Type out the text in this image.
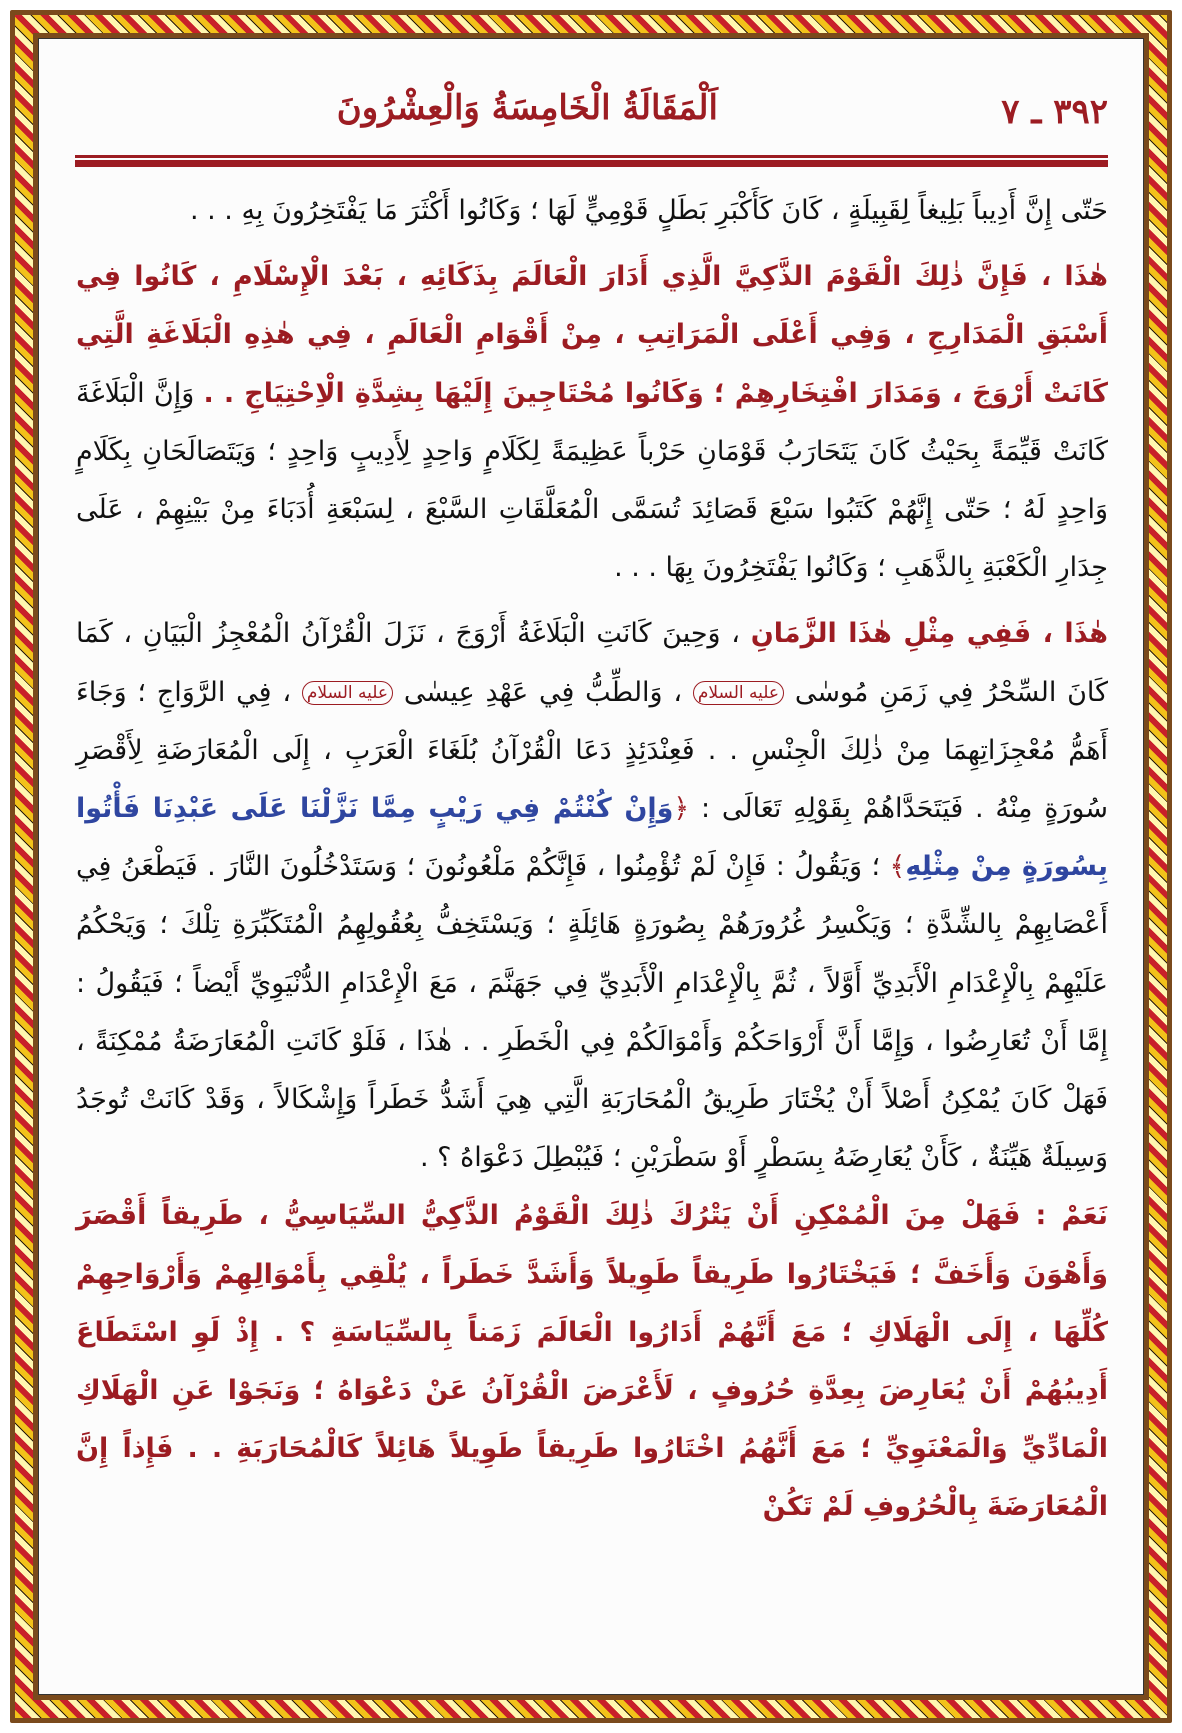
٣٩٢ ـ ٧
اَلْمَقَالَةُ الْخَامِسَةُ وَالْعِشْرُونَ

حَتّى إِنَّ أَدِيباً بَلِيغاً لِقَبِيلَةٍ ، كَانَ كَأَكْبَرِ بَطَلٍ قَوْمِيٍّ لَهَا ؛ وَكَانُوا أَكْثَرَ مَا يَفْتَخِرُونَ بِهِ . . .

هٰذَا ، فَإِنَّ ذٰلِكَ الْقَوْمَ الذَّكِيَّ الَّذِي أَدَارَ الْعَالَمَ بِذَكَائِهِ ، بَعْدَ الْإِسْلَامِ ، كَانُوا فِي أَسْبَقِ الْمَدَارِجِ ، وَفِي أَعْلَى الْمَرَاتِبِ ، مِنْ أَقْوَامِ الْعَالَمِ ، فِي هٰذِهِ الْبَلَاغَةِ الَّتِي كَانَتْ أَرْوَجَ ، وَمَدَارَ افْتِخَارِهِمْ ؛ وَكَانُوا مُحْتَاجِينَ إِلَيْهَا بِشِدَّةِ الْاِحْتِيَاجِ . . وَإِنَّ الْبَلَاغَةَ كَانَتْ قَيِّمَةً بِحَيْثُ كَانَ يَتَحَارَبُ قَوْمَانِ حَرْباً عَظِيمَةً لِكَلَامٍ وَاحِدٍ لِأَدِيبٍ وَاحِدٍ ؛ وَيَتَصَالَحَانِ بِكَلَامٍ وَاحِدٍ لَهُ ؛ حَتّى إِنَّهُمْ كَتَبُوا سَبْعَ قَصَائِدَ تُسَمَّى الْمُعَلَّقَاتِ السَّبْعَ ، لِسَبْعَةِ أُدَبَاءَ مِنْ بَيْنِهِمْ ، عَلَى جِدَارِ الْكَعْبَةِ بِالذَّهَبِ ؛ وَكَانُوا يَفْتَخِرُونَ بِهَا . . .

هٰذَا ، فَفِي مِثْلِ هٰذَا الزَّمَانِ ، وَحِينَ كَانَتِ الْبَلَاغَةُ أَرْوَجَ ، نَزَلَ الْقُرْآنُ الْمُعْجِزُ الْبَيَانِ ، كَمَا كَانَ السِّحْرُ فِي زَمَنِ مُوسٰى عليه السلام ، وَالطِّبُّ فِي عَهْدِ عِيسٰى عليه السلام ، فِي الرَّوَاجِ ؛ وَجَاءَ أَهَمُّ مُعْجِزَاتِهِمَا مِنْ ذٰلِكَ الْجِنْسِ . . فَعِنْدَئِذٍ دَعَا الْقُرْآنُ بُلَغَاءَ الْعَرَبِ ، إِلَى الْمُعَارَضَةِ لِأَقْصَرِ سُورَةٍ مِنْهُ . فَيَتَحَدَّاهُمْ بِقَوْلِهِ تَعَالَى : ﴿وَإِنْ كُنْتُمْ فِي رَيْبٍ مِمَّا نَزَّلْنَا عَلَى عَبْدِنَا فَأْتُوا بِسُورَةٍ مِنْ مِثْلِهِ﴾ ؛ وَيَقُولُ : فَإِنْ لَمْ تُؤْمِنُوا ، فَإِنَّكُمْ مَلْعُونُونَ ؛ وَسَتَدْخُلُونَ النَّارَ . فَيَطْعَنُ فِي أَعْصَابِهِمْ بِالشِّدَّةِ ؛ وَيَكْسِرُ غُرُورَهُمْ بِصُورَةٍ هَائِلَةٍ ؛ وَيَسْتَخِفُّ بِعُقُولِهِمُ الْمُتَكَبِّرَةِ تِلْكَ ؛ وَيَحْكُمُ عَلَيْهِمْ بِالْإِعْدَامِ الْأَبَدِيِّ أَوَّلاً ، ثُمَّ بِالْإِعْدَامِ الْأَبَدِيِّ فِي جَهَنَّمَ ، مَعَ الْإِعْدَامِ الدُّنْيَوِيِّ أَيْضاً ؛ فَيَقُولُ : إِمَّا أَنْ تُعَارِضُوا ، وَإِمَّا أَنَّ أَرْوَاحَكُمْ وَأَمْوَالَكُمْ فِي الْخَطَرِ . . هٰذَا ، فَلَوْ كَانَتِ الْمُعَارَضَةُ مُمْكِنَةً ، فَهَلْ كَانَ يُمْكِنُ أَصْلاً أَنْ يُخْتَارَ طَرِيقُ الْمُحَارَبَةِ الَّتِي هِيَ أَشَدُّ خَطَراً وَإِشْكَالاً ، وَقَدْ كَانَتْ تُوجَدُ وَسِيلَةٌ هَيِّنَةٌ ، كَأَنْ يُعَارِضَهُ بِسَطْرٍ أَوْ سَطْرَيْنِ ؛ فَيُبْطِلَ دَعْوَاهُ ؟ .

نَعَمْ : فَهَلْ مِنَ الْمُمْكِنِ أَنْ يَتْرُكَ ذٰلِكَ الْقَوْمُ الذَّكِيُّ السِّيَاسِيُّ ، طَرِيقاً أَقْصَرَ وَأَهْوَنَ وَأَخَفَّ ؛ فَيَخْتَارُوا طَرِيقاً طَوِيلاً وَأَشَدَّ خَطَراً ، يُلْقِي بِأَمْوَالِهِمْ وَأَرْوَاحِهِمْ كُلِّهَا ، إِلَى الْهَلَاكِ ؛ مَعَ أَنَّهُمْ أَدَارُوا الْعَالَمَ زَمَناً بِالسِّيَاسَةِ ؟ . إِذْ لَوِ اسْتَطَاعَ أَدِيبُهُمْ أَنْ يُعَارِضَ بِعِدَّةِ حُرُوفٍ ، لَأَعْرَضَ الْقُرْآنُ عَنْ دَعْوَاهُ ؛ وَنَجَوْا عَنِ الْهَلَاكِ الْمَادِّيِّ وَالْمَعْنَوِيِّ ؛ مَعَ أَنَّهُمُ اخْتَارُوا طَرِيقاً طَوِيلاً هَائِلاً كَالْمُحَارَبَةِ . . فَإِذاً إِنَّ الْمُعَارَضَةَ بِالْحُرُوفِ لَمْ تَكُنْ
